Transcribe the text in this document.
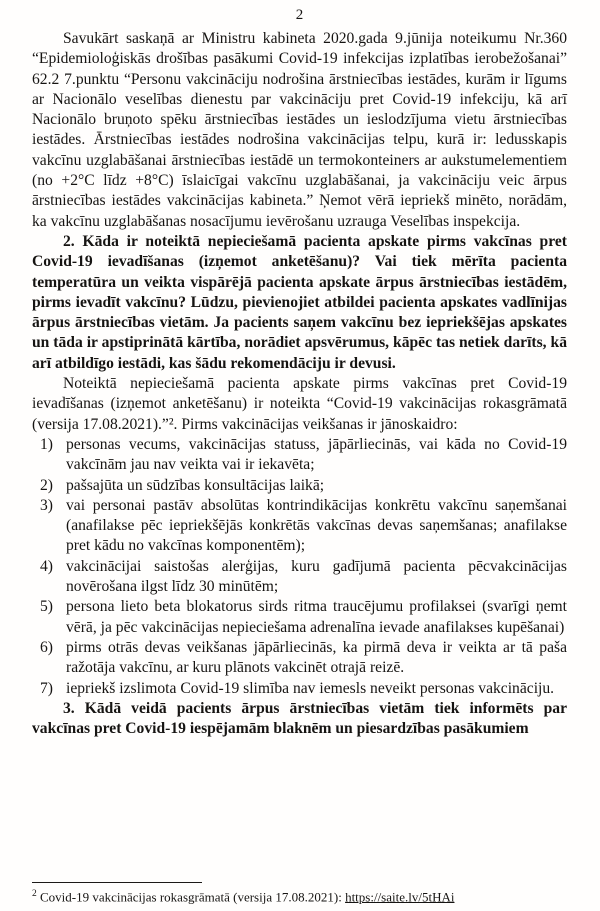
2

Savukārt saskaņā ar Ministru kabineta 2020.gada 9.jūnija noteikumu Nr.360 “Epidemioloģiskās drošības pasākumi Covid-19 infekcijas izplatības ierobežošanai” 62.2 7.punktu “Personu vakcināciju nodrošina ārstniecības iestādes, kurām ir līgums ar Nacionālo veselības dienestu par vakcināciju pret Covid-19 infekciju, kā arī Nacionālo bruņoto spēku ārstniecības iestādes un ieslodzījuma vietu ārstniecības iestādes. Ārstniecības iestādes nodrošina vakcinācijas telpu, kurā ir: ledusskapis vakcīnu uzglabāšanai ārstniecības iestādē un termokonteiners ar aukstumelementiem (no +2°C līdz +8°C) īslaicīgai vakcīnu uzglabāšanai, ja vakcināciju veic ārpus ārstniecības iestādes vakcinācijas kabineta.” Ņemot vērā iepriekš minēto, norādām, ka vakcīnu uzglabāšanas nosacījumu ievērošanu uzrauga Veselības inspekcija.

2. Kāda ir noteiktā nepieciešamā pacienta apskate pirms vakcīnas pret Covid-19 ievadīšanas (izņemot anketēšanu)? Vai tiek mērīta pacienta temperatūra un veikta vispārējā pacienta apskate ārpus ārstniecības iestādēm, pirms ievadīt vakcīnu? Lūdzu, pievienojiet atbildei pacienta apskates vadlīnijas ārpus ārstniecības vietām. Ja pacients saņem vakcīnu bez iepriekšējas apskates un tāda ir apstiprinātā kārtība, norādiet apsvērumus, kāpēc tas netiek darīts, kā arī atbildīgo iestādi, kas šādu rekomendāciju ir devusi.

Noteiktā nepieciešamā pacienta apskate pirms vakcīnas pret Covid-19 ievadīšanas (izņemot anketēšanu) ir noteikta “Covid-19 vakcinācijas rokasgrāmatā (versija 17.08.2021).”². Pirms vakcinācijas veikšanas ir jānoskaidro:

1) personas vecums, vakcinācijas statuss, jāpārliecinās, vai kāda no Covid-19 vakcīnām jau nav veikta vai ir iekavēta;
2) pašsajūta un sūdzības konsultācijas laikā;
3) vai personai pastāv absolūtas kontrindikācijas konkrētu vakcīnu saņemšanai (anafilakse pēc iepriekšējās konkrētās vakcīnas devas saņemšanas; anafilakse pret kādu no vakcīnas komponentēm);
4) vakcinācijai saistošas alerģijas, kuru gadījumā pacienta pēcvakcinācijas novērošana ilgst līdz 30 minūtēm;
5) persona lieto beta blokatorus sirds ritma traucējumu profilaksei (svarīgi ņemt vērā, ja pēc vakcinācijas nepieciešama adrenalīna ievade anafilakses kupēšanai)
6) pirms otrās devas veikšanas jāpārliecinās, ka pirmā deva ir veikta ar tā paša ražotāja vakcīnu, ar kuru plānots vakcinēt otrajā reizē.
7) iepriekš izslimota Covid-19 slimība nav iemesls neveikt personas vakcināciju.

3. Kādā veidā pacients ārpus ārstniecības vietām tiek informēts par vakcīnas pret Covid-19 iespējamām blaknēm un piesardzības pasākumiem

$^2$ Covid-19 vakcinācijas rokasgrāmatā (versija 17.08.2021): https://saite.lv/5tHAi
